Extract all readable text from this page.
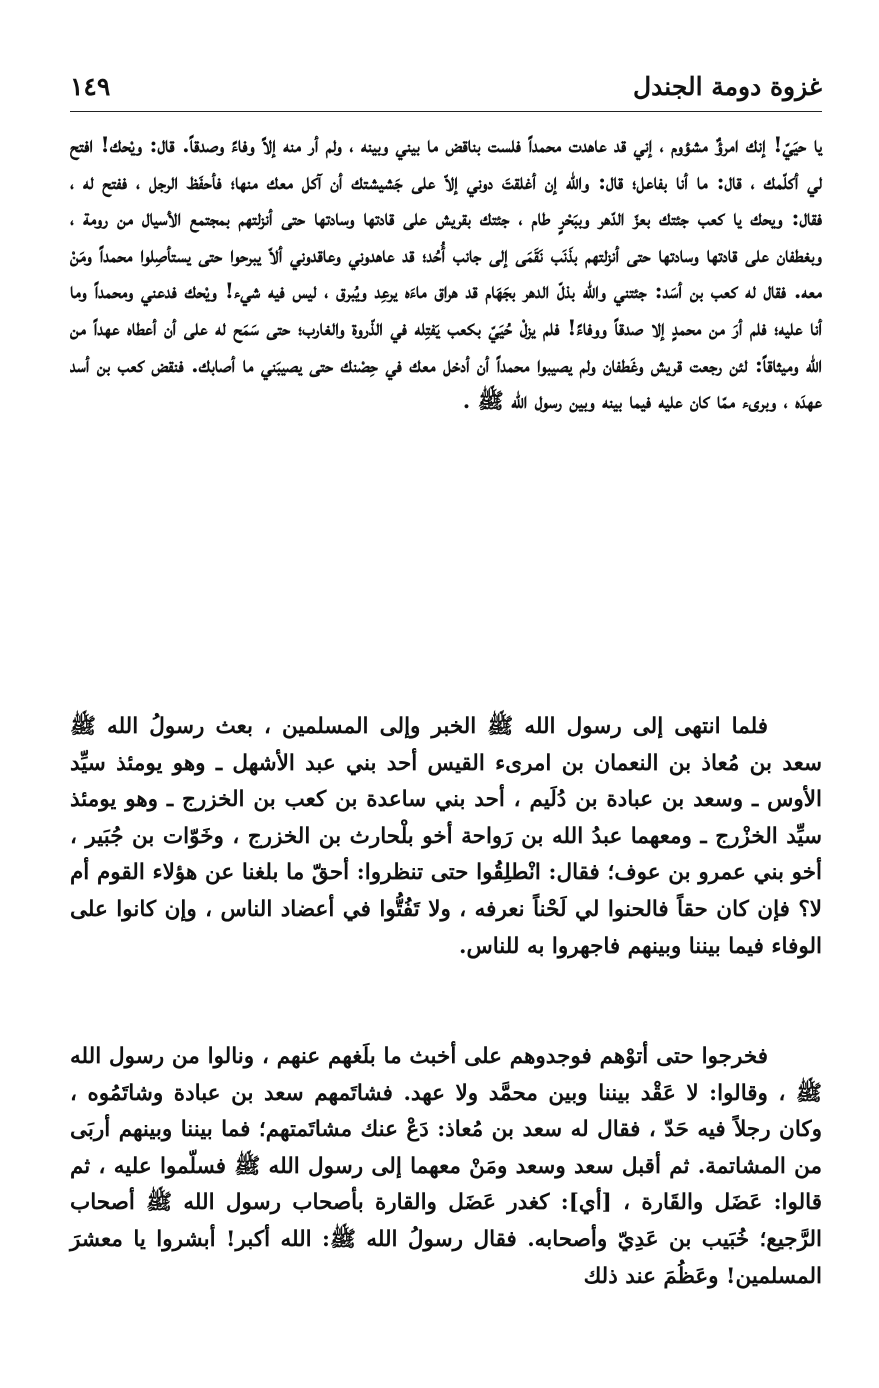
غزوة دومة الجندل
١٤٩

يا حيَيّ! إنك امرؤٌ مشؤوم ، إني قد عاهدت محمداً فلست بناقض ما بيني وبينه ، ولم أر منه إلاً وفاءً وصدقاً. قال: ويْحك! افتح لي أكلّمك ، قال: ما أنا بفاعل؛ قال: والله إن أغلقتَ دوني إلاّ على جَشيشتك أن آكل معك منها؛ فأحفَظ الرجل ، ففتح له ، فقال: ويحك يا كعب جئتك بعزّ الدّهر وببَحْرٍ طام ، جئتك بقريش على قادتها وسادتها حتى أنزلتهم بمجتمع الأسيال من رومة ، وبغطفان على قادتها وسادتها حتى أنزلتهم بذَنَب نَقَمَى إلى جانب أُحُد؛ قد عاهدوني وعاقدوني ألاّ يبرحوا حتى يستأصِلوا محمداً ومَنْ معه. فقال له كعب بن أسَد: جئتني والله بذلّ الدهر بجَهَام قد هراق ماءَه يرعِد ويُبرق ، ليس فيه شيء! ويْحك فدعني ومحمداً وما أنا عليه؛ فلم أرَ من محمدٍ إلا صدقاً ووفاءً! فلم يزلْ حُيَيّ بكعب يَفتِله في الذّروة والغارب؛ حتى سَمَح له على أن أعطاه عهداً من الله وميثاقاً: لئن رجعت قريش وغَطفان ولم يصيبوا محمداً أن أدخل معك في حِصْنك حتى يصيبَني ما أصابك. فنقض كعب بن أسد عهدَه ، وبرىء ممّا كان عليه فيما بينه وبين رسول الله ﷺ .

فلما انتهى إلى رسول الله ﷺ الخبر وإلى المسلمين ، بعث رسولُ الله ﷺ سعد بن مُعاذ بن النعمان بن امرىء القيس أحد بني عبد الأشهل ـ وهو يومئذ سيِّد الأوس ـ وسعد بن عبادة بن دُلَيم ، أحد بني ساعدة بن كعب بن الخزرج ـ وهو يومئذ سيِّد الخزْرج ـ ومعهما عبدُ الله بن رَواحة أخو بلْحارث بن الخزرج ، وخَوّات بن جُبَير ، أخو بني عمرو بن عوف؛ فقال: انْطلِقُوا حتى تنظروا: أحقّ ما بلغنا عن هؤلاء القوم أم لا؟ فإن كان حقاً فالحنوا لي لَحْناً نعرفه ، ولا تَفُتُّوا في أعضاد الناس ، وإن كانوا على الوفاء فيما بيننا وبينهم فاجهروا به للناس.

فخرجوا حتى أتوْهم فوجدوهم على أخبث ما بلَغهم عنهم ، ونالوا من رسول الله ﷺ ، وقالوا: لا عَقْد بيننا وبين محمَّد ولا عهد. فشاتَمهم سعد بن عبادة وشاتَمُوه ، وكان رجلاً فيه حَدّ ، فقال له سعد بن مُعاذ: دَعْ عنك مشاتَمتهم؛ فما بيننا وبينهم أربَى من المشاتمة. ثم أقبل سعد وسعد ومَنْ معهما إلى رسول الله ﷺ فسلّموا عليه ، ثم قالوا: عَضَل والقَارة ، [أي]: كغدر عَضَل والقارة بأصحاب رسول الله ﷺ أصحاب الرَّجيع؛ خُبَيب بن عَدِيّ وأصحابه. فقال رسولُ الله ﷺ: الله أكبر! أبشروا يا معشرَ المسلمين! وعَظُمَ عند ذلك
